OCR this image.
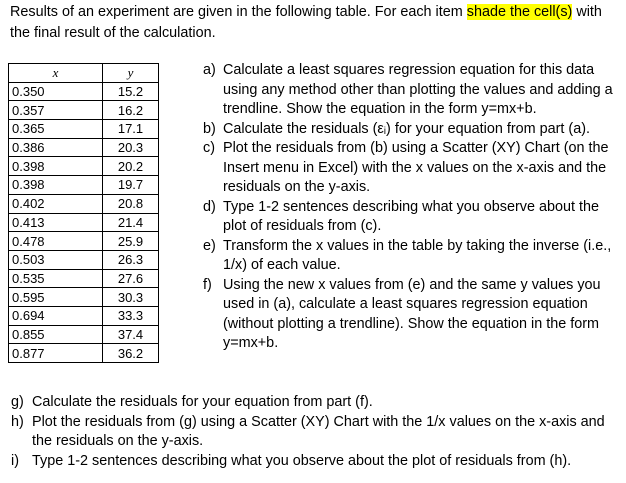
Results of an experiment are given in the following table. For each item shade the cell(s) with the final result of the calculation.

x	y
0.350	15.2
0.357	16.2
0.365	17.1
0.386	20.3
0.398	20.2
0.398	19.7
0.402	20.8
0.413	21.4
0.478	25.9
0.503	26.3
0.535	27.6
0.595	30.3
0.694	33.3
0.855	37.4
0.877	36.2

a) Calculate a least squares regression equation for this data using any method other than plotting the values and adding a trendline. Show the equation in the form y=mx+b.

b) Calculate the residuals (εᵢ) for your equation from part (a).

c) Plot the residuals from (b) using a Scatter (XY) Chart (on the Insert menu in Excel) with the x values on the x-axis and the residuals on the y-axis.

d) Type 1-2 sentences describing what you observe about the plot of residuals from (c).

e) Transform the x values in the table by taking the inverse (i.e., 1/x) of each value.

f) Using the new x values from (e) and the same y values you used in (a), calculate a least squares regression equation (without plotting a trendline). Show the equation in the form y=mx+b.

g) Calculate the residuals for your equation from part (f).

h) Plot the residuals from (g) using a Scatter (XY) Chart with the 1/x values on the x-axis and the residuals on the y-axis.

i) Type 1-2 sentences describing what you observe about the plot of residuals from (h).
